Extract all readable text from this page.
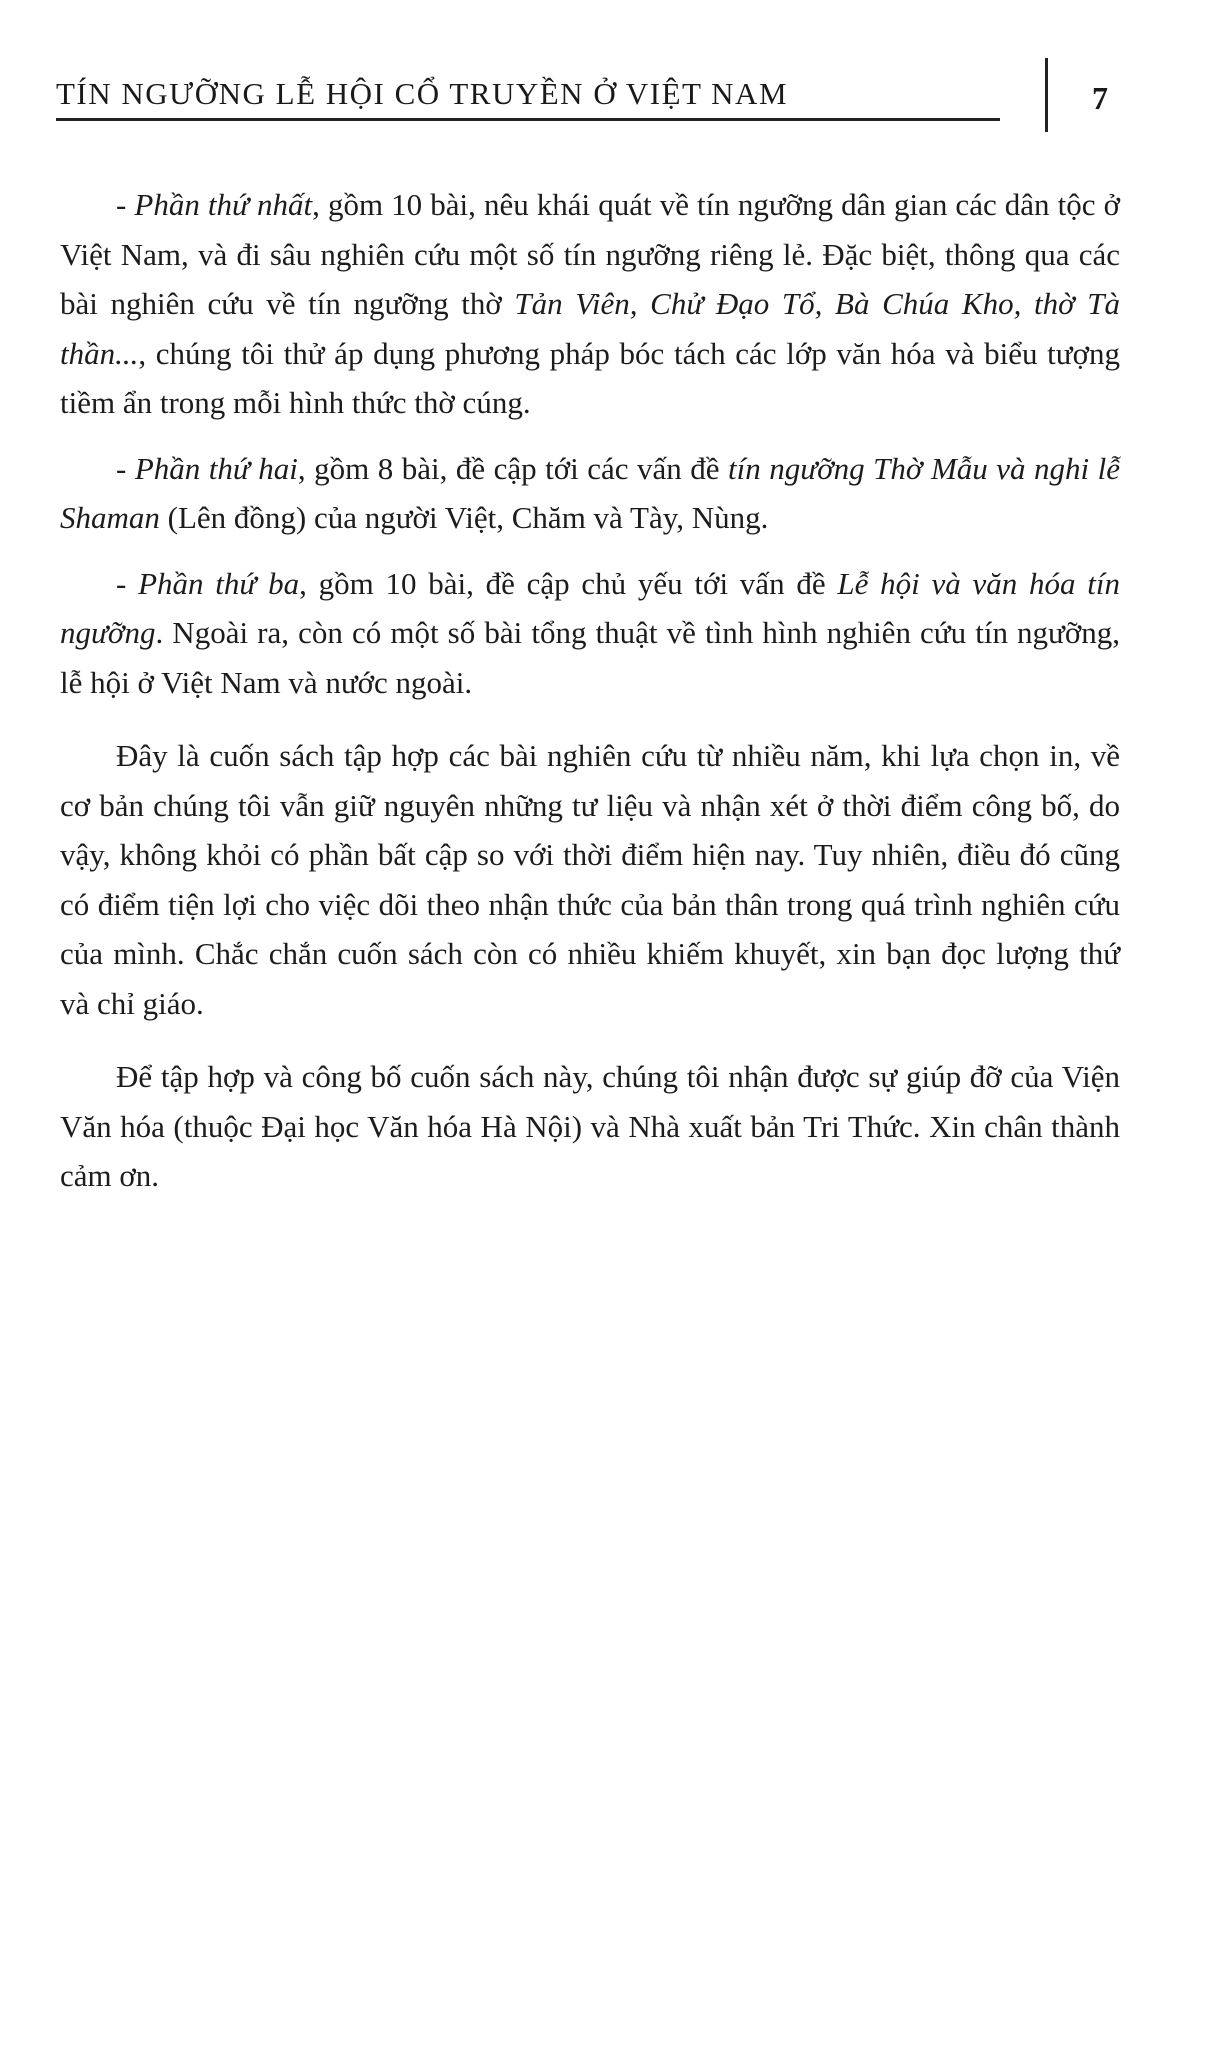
TÍN NGƯỠNG LỄ HỘI CỔ TRUYỀN Ở VIỆT NAM	7

- Phần thứ nhất, gồm 10 bài, nêu khái quát về tín ngưỡng dân gian các dân tộc ở Việt Nam, và đi sâu nghiên cứu một số tín ngưỡng riêng lẻ. Đặc biệt, thông qua các bài nghiên cứu về tín ngưỡng thờ Tản Viên, Chử Đạo Tổ, Bà Chúa Kho, thờ Tà thần..., chúng tôi thử áp dụng phương pháp bóc tách các lớp văn hóa và biểu tượng tiềm ẩn trong mỗi hình thức thờ cúng.

- Phần thứ hai, gồm 8 bài, đề cập tới các vấn đề tín ngưỡng Thờ Mẫu và nghi lễ Shaman (Lên đồng) của người Việt, Chăm và Tày, Nùng.

- Phần thứ ba, gồm 10 bài, đề cập chủ yếu tới vấn đề Lễ hội và văn hóa tín ngưỡng. Ngoài ra, còn có một số bài tổng thuật về tình hình nghiên cứu tín ngưỡng, lễ hội ở Việt Nam và nước ngoài.

Đây là cuốn sách tập hợp các bài nghiên cứu từ nhiều năm, khi lựa chọn in, về cơ bản chúng tôi vẫn giữ nguyên những tư liệu và nhận xét ở thời điểm công bố, do vậy, không khỏi có phần bất cập so với thời điểm hiện nay. Tuy nhiên, điều đó cũng có điểm tiện lợi cho việc dõi theo nhận thức của bản thân trong quá trình nghiên cứu của mình. Chắc chắn cuốn sách còn có nhiều khiếm khuyết, xin bạn đọc lượng thứ và chỉ giáo.

Để tập hợp và công bố cuốn sách này, chúng tôi nhận được sự giúp đỡ của Viện Văn hóa (thuộc Đại học Văn hóa Hà Nội) và Nhà xuất bản Tri Thức. Xin chân thành cảm ơn.
